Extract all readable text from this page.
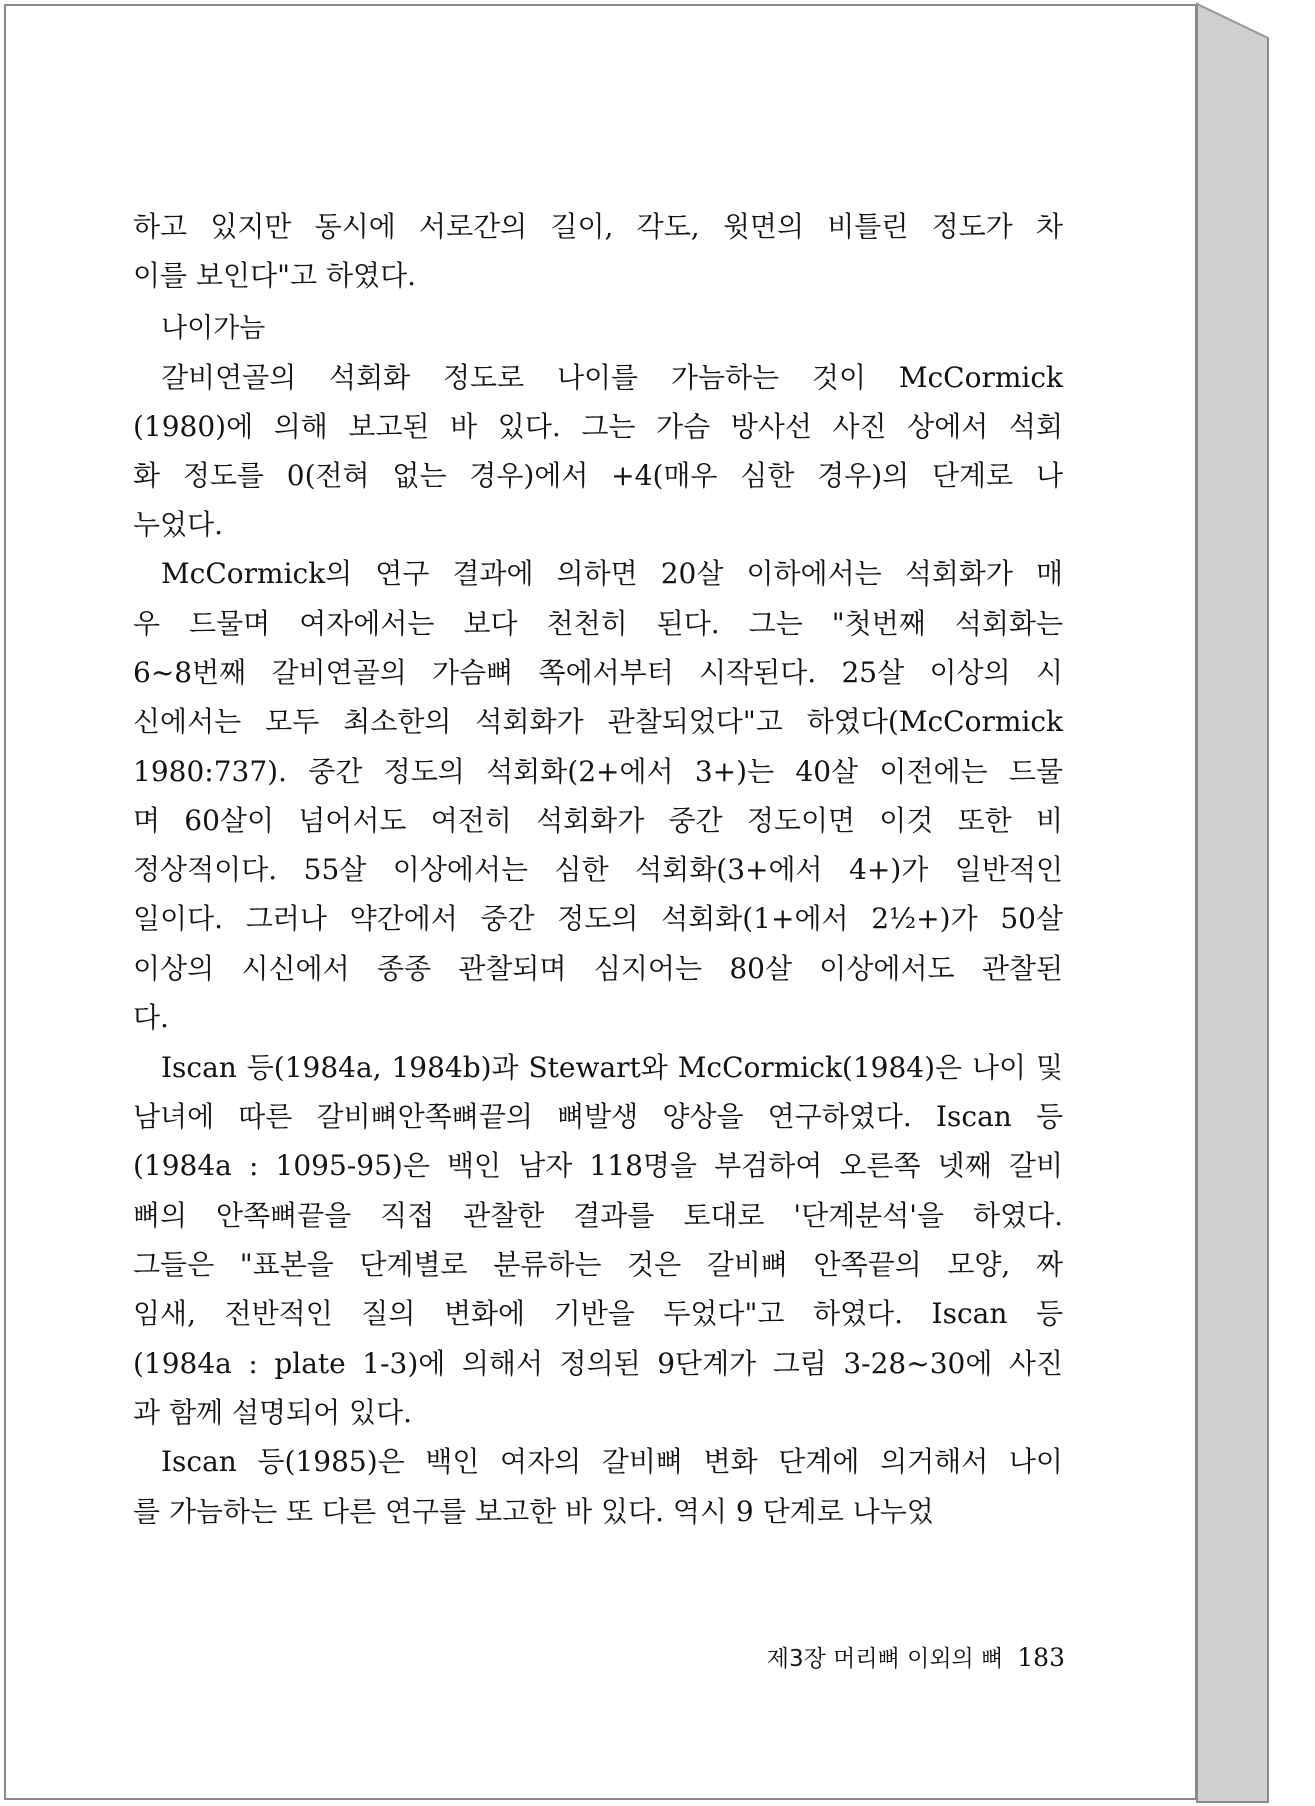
하고 있지만 동시에 서로간의 길이, 각도, 윗면의 비틀린 정도가 차
이를 보인다"고 하였다.
나이가늠
갈비연골의 석회화 정도로 나이를 가늠하는 것이 McCormick
(1980)에 의해 보고된 바 있다. 그는 가슴 방사선 사진 상에서 석회
화 정도를 0(전혀 없는 경우)에서 +4(매우 심한 경우)의 단계로 나
누었다.
McCormick의 연구 결과에 의하면 20살 이하에서는 석회화가 매
우 드물며 여자에서는 보다 천천히 된다. 그는 "첫번째 석회화는
6~8번째 갈비연골의 가슴뼈 쪽에서부터 시작된다. 25살 이상의 시
신에서는 모두 최소한의 석회화가 관찰되었다"고 하였다(McCormick
1980:737). 중간 정도의 석회화(2+에서 3+)는 40살 이전에는 드물
며 60살이 넘어서도 여전히 석회화가 중간 정도이면 이것 또한 비
정상적이다. 55살 이상에서는 심한 석회화(3+에서 4+)가 일반적인
일이다. 그러나 약간에서 중간 정도의 석회화(1+에서 2½+)가 50살
이상의 시신에서 종종 관찰되며 심지어는 80살 이상에서도 관찰된
다.
Iscan 등(1984a, 1984b)과 Stewart와 McCormick(1984)은 나이 및
남녀에 따른 갈비뼈안쪽뼈끝의 뼈발생 양상을 연구하였다. Iscan 등
(1984a : 1095-95)은 백인 남자 118명을 부검하여 오른쪽 넷째 갈비
뼈의 안쪽뼈끝을 직접 관찰한 결과를 토대로 '단계분석'을 하였다.
그들은 "표본을 단계별로 분류하는 것은 갈비뼈 안쪽끝의 모양, 짜
임새, 전반적인 질의 변화에 기반을 두었다"고 하였다. Iscan 등
(1984a : plate 1-3)에 의해서 정의된 9단계가 그림 3-28~30에 사진
과 함께 설명되어 있다.
Iscan 등(1985)은 백인 여자의 갈비뼈 변화 단계에 의거해서 나이
를 가늠하는 또 다른 연구를 보고한 바 있다. 역시 9 단계로 나누었
제3장 머리뼈 이외의 뼈 183
